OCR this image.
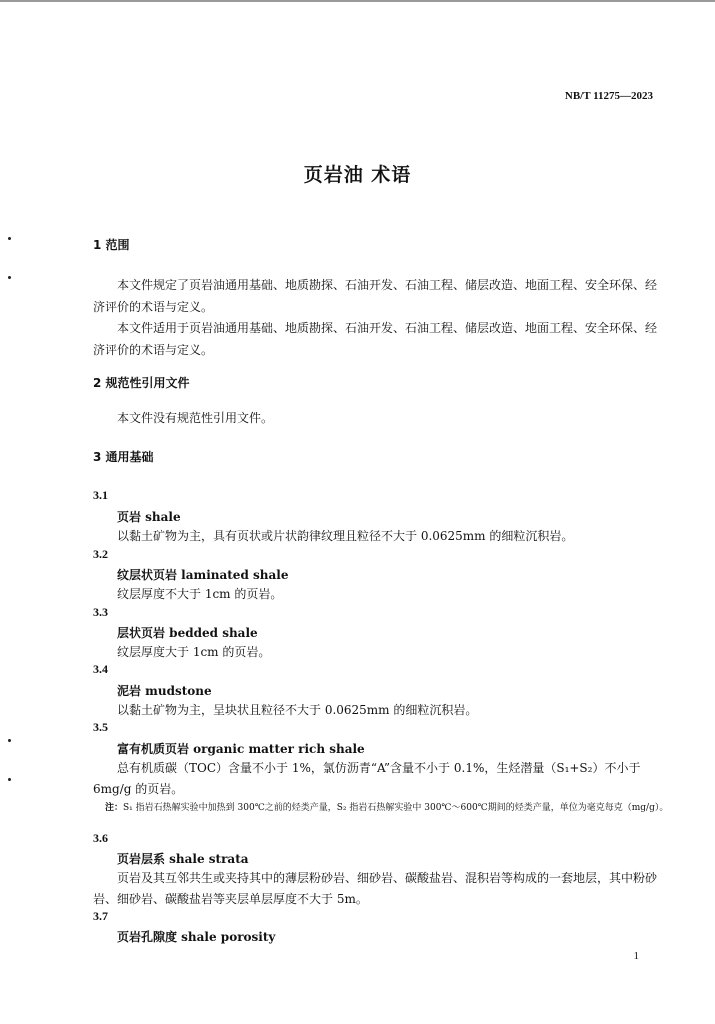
NB/T 11275—2023
页岩油 术语
1 范围
本文件规定了页岩油通用基础、地质勘探、石油开发、石油工程、储层改造、地面工程、安全环保、经济评价的术语与定义。
本文件适用于页岩油通用基础、地质勘探、石油开发、石油工程、储层改造、地面工程、安全环保、经济评价的术语与定义。
2 规范性引用文件
本文件没有规范性引用文件。
3 通用基础
3.1
页岩 shale
以黏土矿物为主，具有页状或片状韵律纹理且粒径不大于 0.0625mm 的细粒沉积岩。
3.2
纹层状页岩 laminated shale
纹层厚度不大于 1cm 的页岩。
3.3
层状页岩 bedded shale
纹层厚度大于 1cm 的页岩。
3.4
泥岩 mudstone
以黏土矿物为主，呈块状且粒径不大于 0.0625mm 的细粒沉积岩。
3.5
富有机质页岩 organic matter rich shale
总有机质碳（TOC）含量不小于 1%，氯仿沥青“A”含量不小于 0.1%，生烃潜量（S₁+S₂）不小于 6mg/g 的页岩。
注：S₁ 指岩石热解实验中加热到 300℃之前的烃类产量，S₂ 指岩石热解实验中 300℃～600℃期间的烃类产量，单位为毫克每克（mg/g）。
3.6
页岩层系 shale strata
页岩及其互邻共生或夹持其中的薄层粉砂岩、细砂岩、碳酸盐岩、混积岩等构成的一套地层，其中粉砂岩、细砂岩、碳酸盐岩等夹层单层厚度不大于 5m。
3.7
页岩孔隙度 shale porosity
1
